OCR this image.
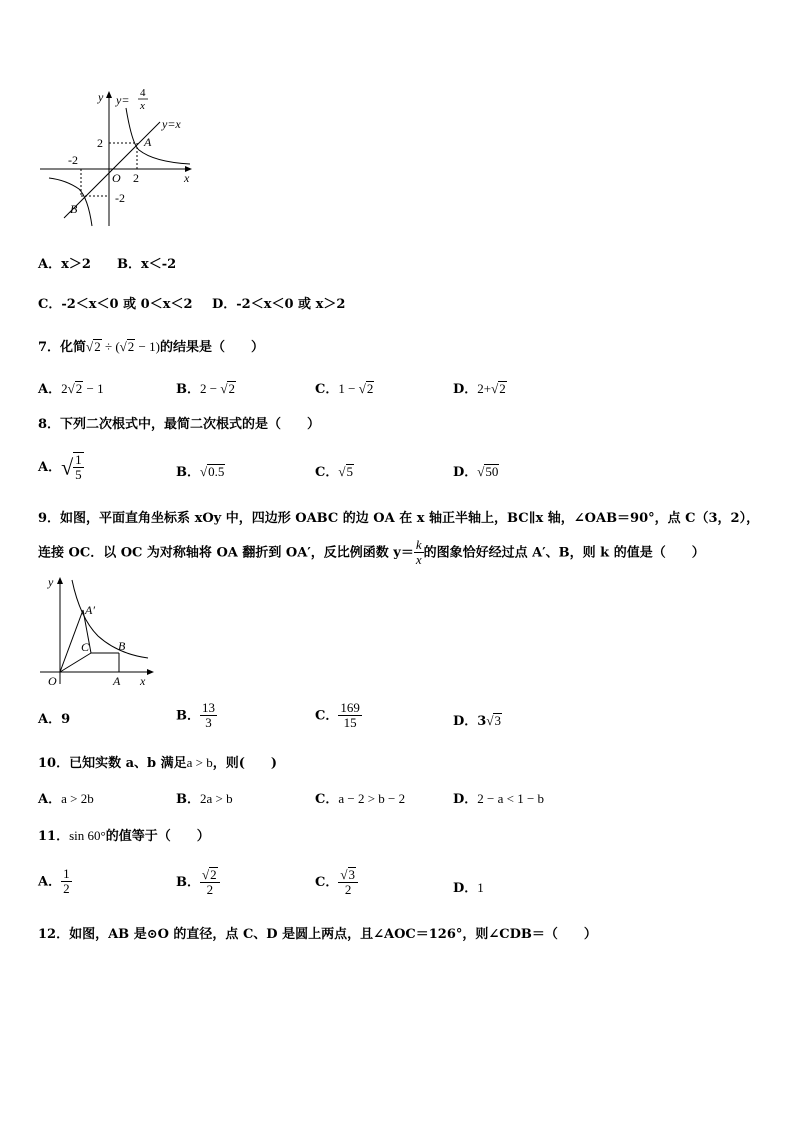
y y= 4
x
y=x
2	A
-2
O 2	x
-2
B
A．x＞2 B．x＜-2
C．-2＜x＜0 或 0＜x＜2 D．-2＜x＜0 或 x＞2
7．化简√2 ÷ (√2 − 1)的结果是（　　）
A．2√2 − 1	B．2 − √2	C．1 − √2	D．2+√2
8．下列二次根式中，最简二次根式的是（　　）
A．√ $\frac{1}{5}$	B．√0.5	C．√5	D．√50
9．如图，平面直角坐标系 xOy 中，四边形 OABC 的边 OA 在 x 轴正半轴上，BC∥x 轴，∠OAB＝90°，点 C（3，2），
连接 OC．以 OC 为对称轴将 OA 翻折到 OA′，反比例函数 $y= \frac{k}{x}$ 的图象恰好经过点 A′、B，则 k 的值是（　　）
y
A′
C B
O	A x
A．9	B． $\frac{13}{3}$	C． $\frac{169}{15}$	D．3√3
10．已知实数 a、b 满足a > b，则(　　)
A．a > 2b	B．2a > b	C．a − 2 > b − 2	D．2 − a < 1 − b
11．sin 60°的值等于（　　）
A． $\frac{1}{2}$	B． $\frac{√2}{2}$	C． $\frac{√3}{2}$	D．1
12．如图，AB 是⊙O 的直径，点 C、D 是圆上两点，且∠AOC＝126°，则∠CDB＝（　　）
